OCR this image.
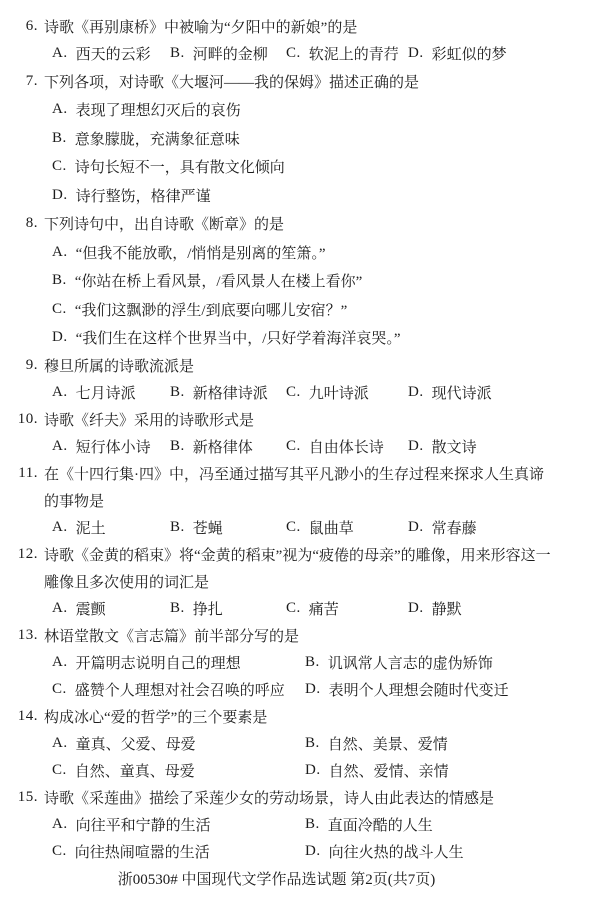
6. 诗歌《再别康桥》中被喻为“夕阳中的新娘”的是
A. 西天的云彩 B. 河畔的金柳 C. 软泥上的青荇 D. 彩虹似的梦
7. 下列各项，对诗歌《大堰河——我的保姆》描述正确的是
A. 表现了理想幻灭后的哀伤
B. 意象朦胧，充满象征意味
C. 诗句长短不一，具有散文化倾向
D. 诗行整饬，格律严谨
8. 下列诗句中，出自诗歌《断章》的是
A. “但我不能放歌，/悄悄是别离的笙箫。”
B. “你站在桥上看风景，/看风景人在楼上看你”
C. “我们这飘渺的浮生/到底要向哪儿安宿？”
D. “我们生在这样个世界当中，/只好学着海洋哀哭。”
9. 穆旦所属的诗歌流派是
A. 七月诗派 B. 新格律诗派 C. 九叶诗派	D. 现代诗派
10. 诗歌《纤夫》采用的诗歌形式是
A. 短行体小诗 B. 新格律体 C. 自由体长诗 D. 散文诗
11. 在《十四行集·四》中，冯至通过描写其平凡渺小的生存过程来探求人生真谛
的事物是
A. 泥土	B. 苍蝇	C. 鼠曲草	D. 常春藤
12. 诗歌《金黄的稻束》将“金黄的稻束”视为“疲倦的母亲”的雕像，用来形容这一
雕像且多次使用的词汇是
A. 震颤	B. 挣扎	C. 痛苦	D. 静默
13. 林语堂散文《言志篇》前半部分写的是
A. 开篇明志说明自己的理想	B. 讥讽常人言志的虚伪矫饰
C. 盛赞个人理想对社会召唤的呼应 D. 表明个人理想会随时代变迁
14. 构成冰心“爱的哲学”的三个要素是
A. 童真、父爱、母爱	B. 自然、美景、爱情
C. 自然、童真、母爱	D. 自然、爱情、亲情
15. 诗歌《采莲曲》描绘了采莲少女的劳动场景，诗人由此表达的情感是
A. 向往平和宁静的生活	B. 直面冷酷的人生
C. 向往热闹喧嚣的生活	D. 向往火热的战斗人生
浙00530# 中国现代文学作品选试题 第2页(共7页)
